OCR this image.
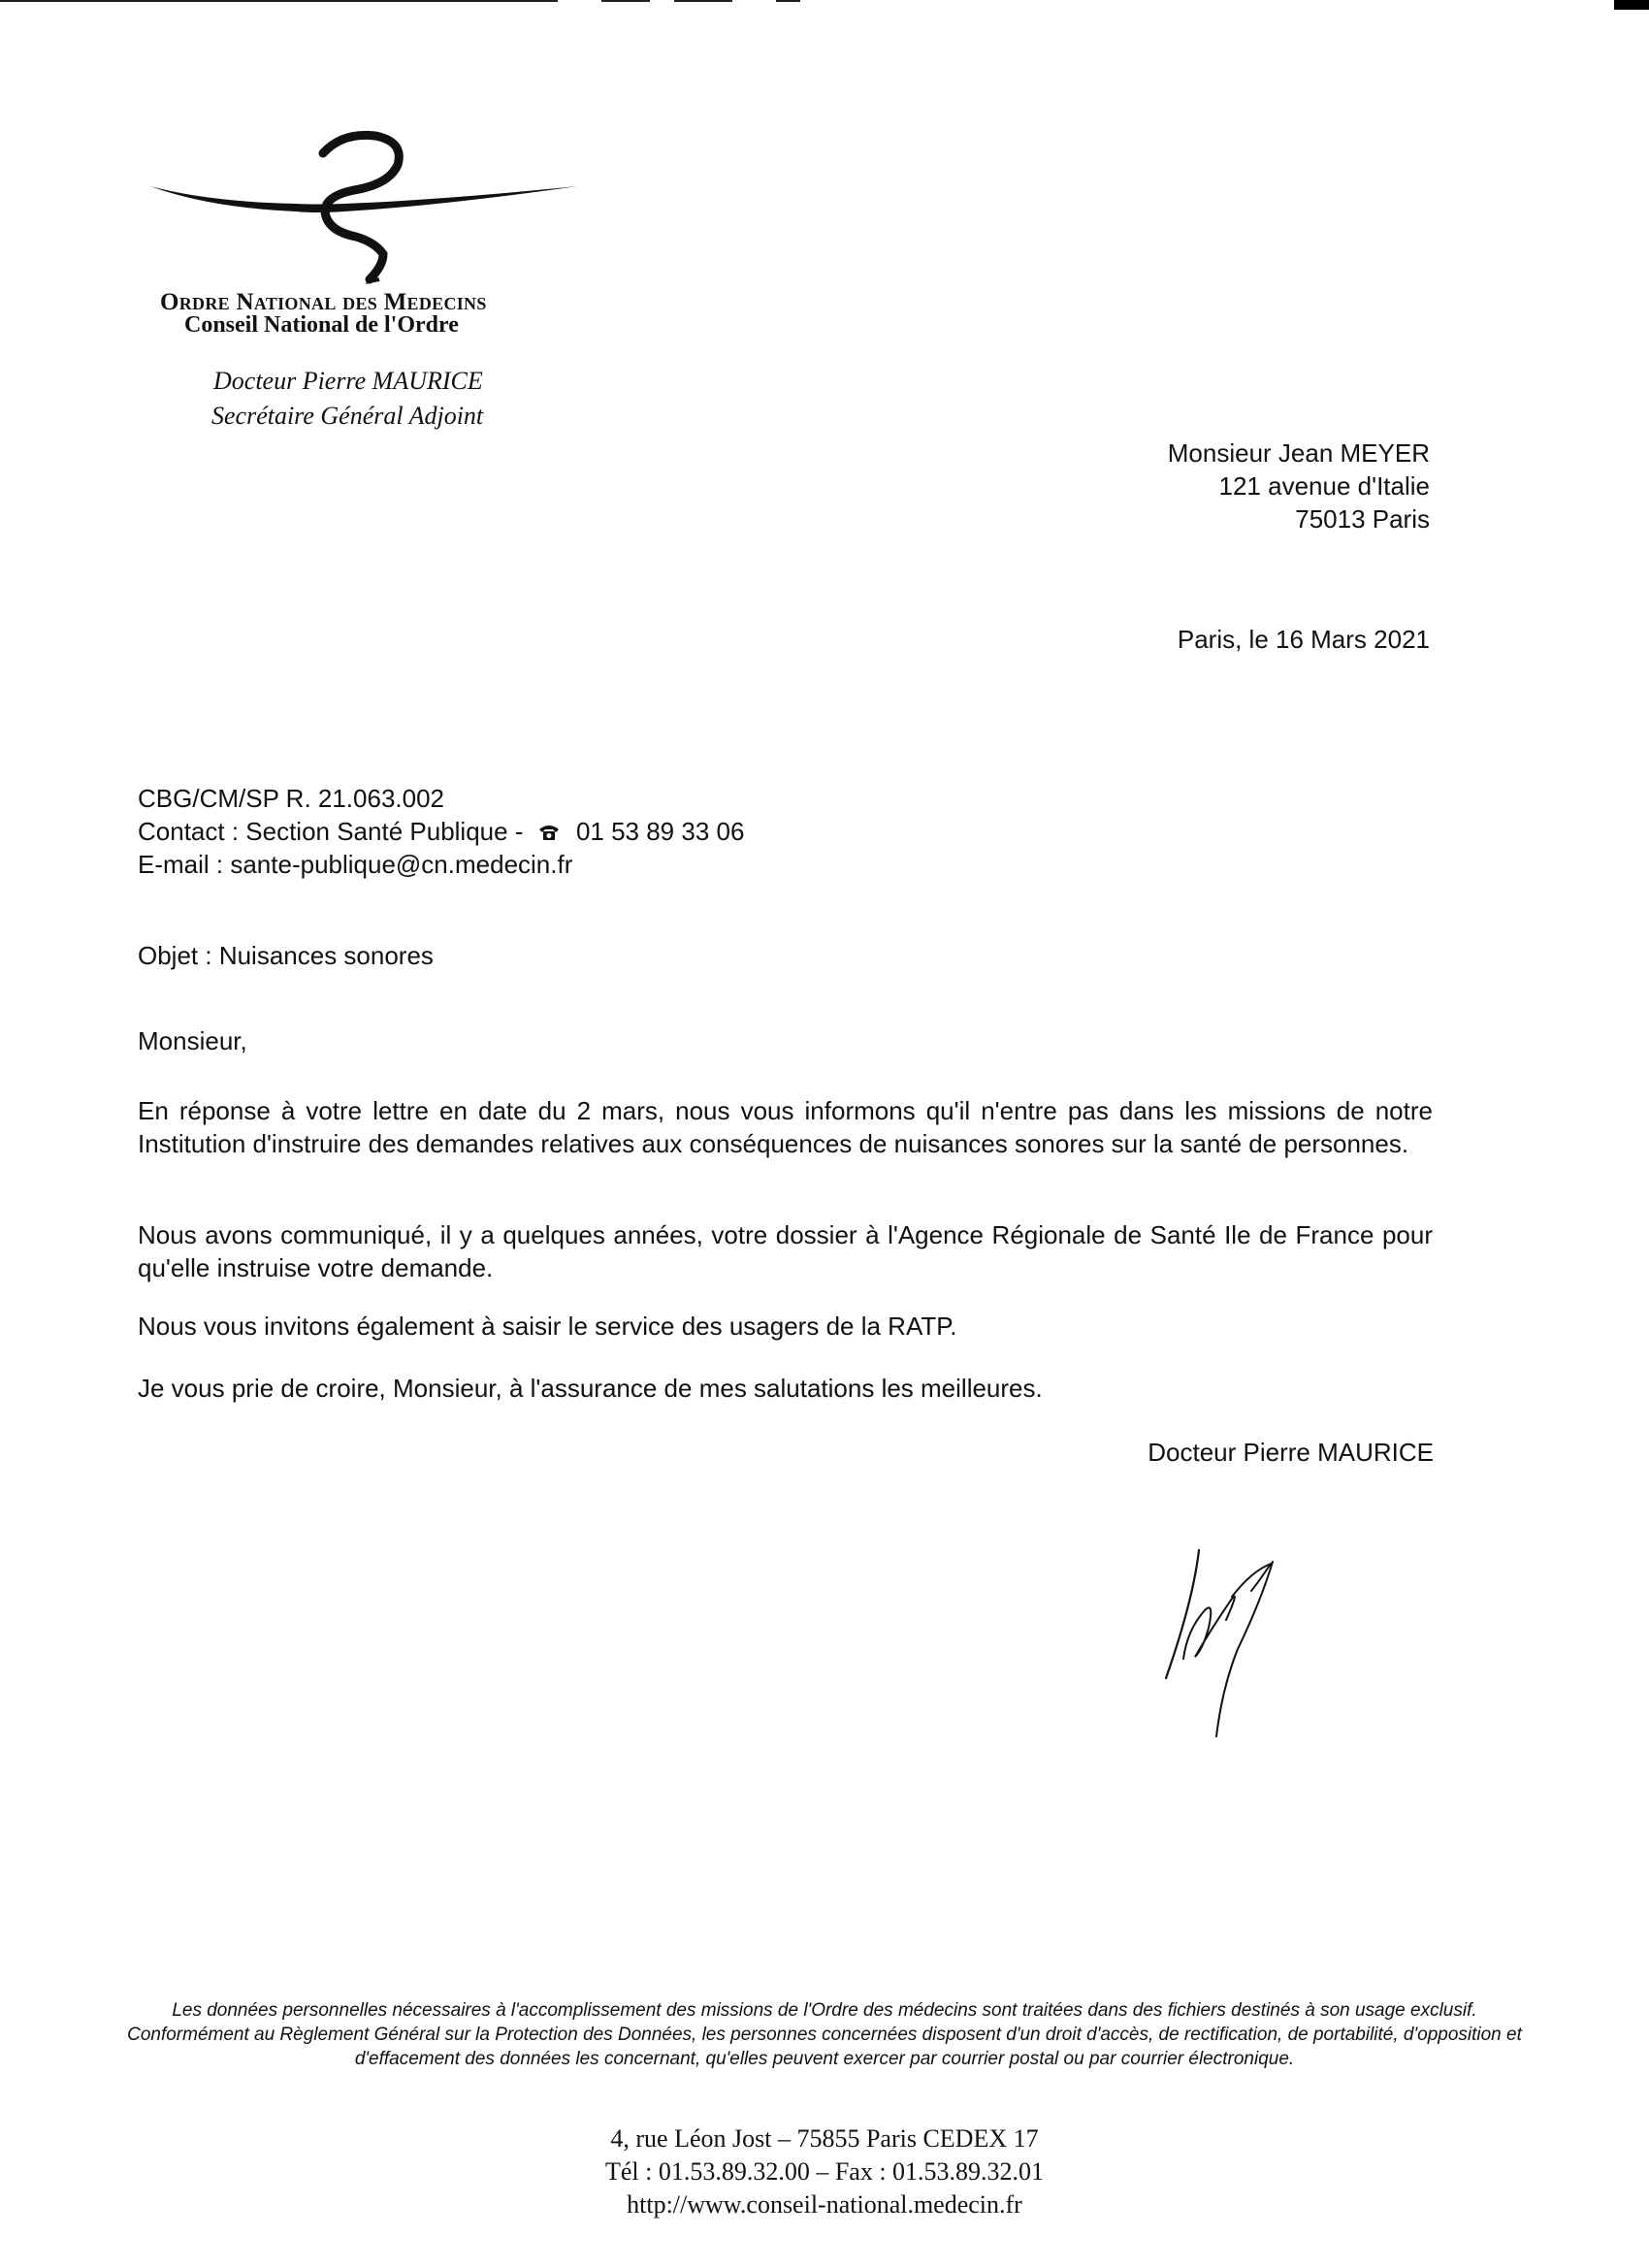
Ordre National des Medecins
Conseil National de l'Ordre
Docteur Pierre MAURICE
Secrétaire Général Adjoint
Monsieur Jean MEYER
121 avenue d'Italie
75013 Paris
Paris, le 16 Mars 2021
CBG/CM/SP R. 21.063.002
Contact : Section Santé Publique - 01 53 89 33 06
E-mail : sante-publique@cn.medecin.fr
Objet : Nuisances sonores
Monsieur,
En réponse à votre lettre en date du 2 mars, nous vous informons qu'il n'entre pas dans les missions de notre Institution d'instruire des demandes relatives aux conséquences de nuisances sonores sur la santé de personnes.
Nous avons communiqué, il y a quelques années, votre dossier à l'Agence Régionale de Santé Ile de France pour qu'elle instruise votre demande.
Nous vous invitons également à saisir le service des usagers de la RATP.
Je vous prie de croire, Monsieur, à l'assurance de mes salutations les meilleures.
Docteur Pierre MAURICE
Les données personnelles nécessaires à l'accomplissement des missions de l'Ordre des médecins sont traitées dans des fichiers destinés à son usage exclusif. Conformément au Règlement Général sur la Protection des Données, les personnes concernées disposent d'un droit d'accès, de rectification, de portabilité, d'opposition et d'effacement des données les concernant, qu'elles peuvent exercer par courrier postal ou par courrier électronique.
4, rue Léon Jost – 75855 Paris CEDEX 17
Tél : 01.53.89.32.00 – Fax : 01.53.89.32.01
http://www.conseil-national.medecin.fr
